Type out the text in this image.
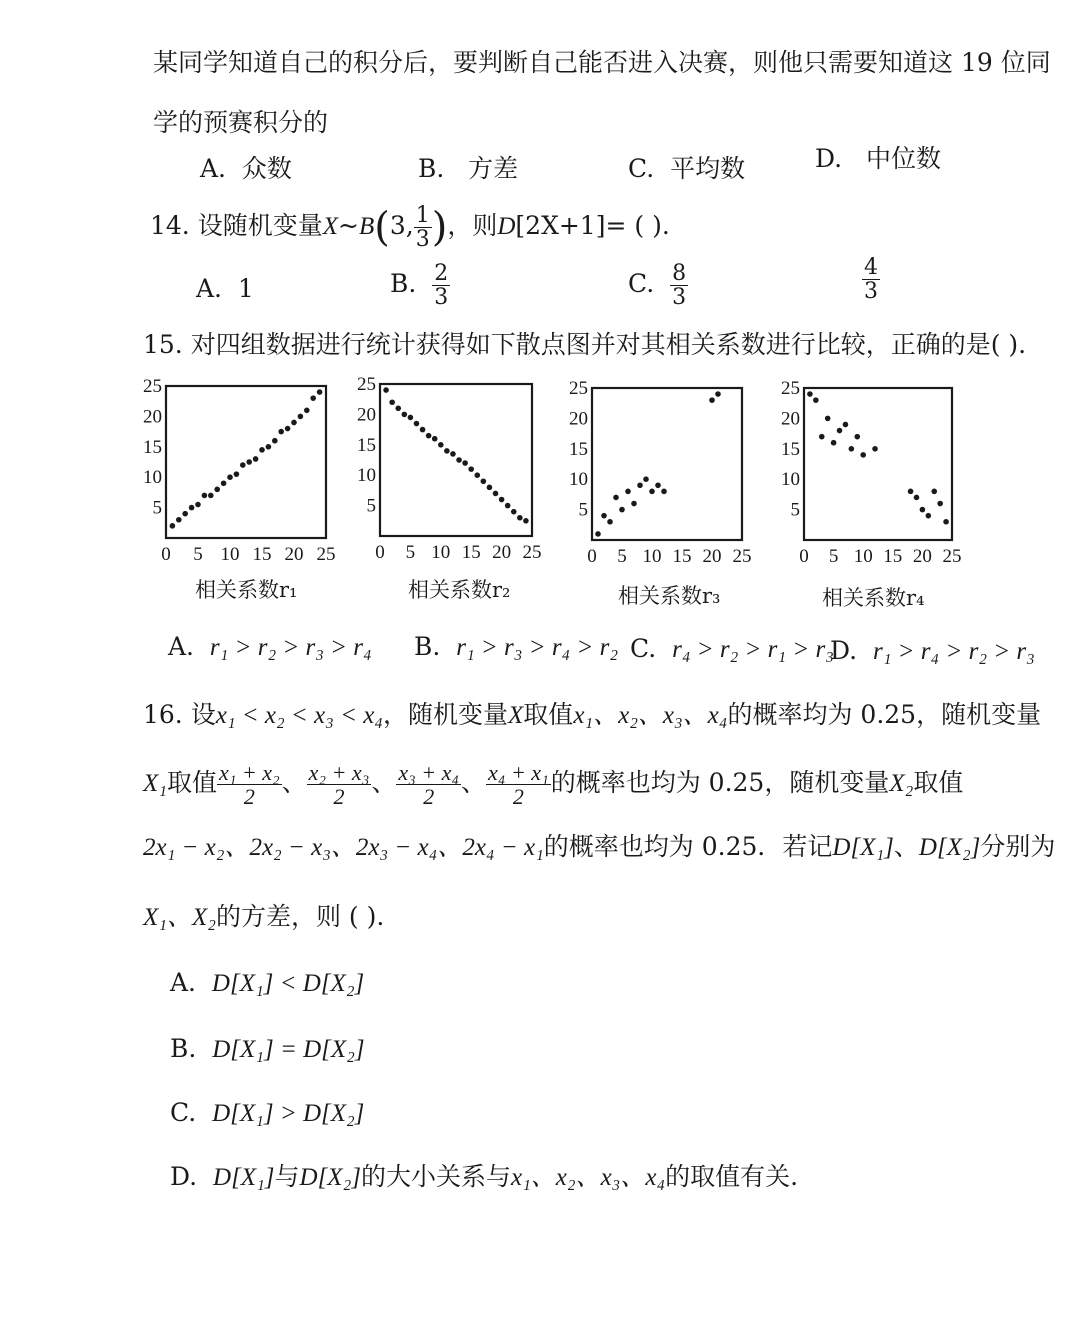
某同学知道自己的积分后，要判断自己能否进入决赛，则他只需要知道这 19 位同
学的预赛积分的
A. 众数	B. 方差	C. 平均数	D. 中位数
14. 设随机变量X~B(3, $\frac{1}{3}$ )，则D[2X+1]= ( ).
A. 1	B. $\frac{2}{3}$	C. $\frac{8}{3}$	$\frac{4}{3}$
15. 对四组数据进行统计获得如下散点图并对其相关系数进行比较，正确的是( ).
0 5 10 15 20 25
5
10
15
20
25
0 5 10 15 20 25
5
10
15
20
25
0 5 10 15 20 25
5
10
15
20
25
0 5 10 15 20 25
5
10
15
20
25
相关系数r₁	相关系数r₂	相关系数r₃	相关系数r₄
A. r₁ > r₂ > r₃ > r₄ B. r₁ > r₃ > r₄ > r₂ C. r₄ > r₂ > r₁ > r₃
D. r₁ > r₄ > r₂ > r₃
16. 设x₁ < x₂ < x₃ < x₄，随机变量X取值x₁、x₂、x₃、x₄的概率均为 0.25，随机变量
X₁取值 $\frac{\text{x₁ + x₂}}{2}$ 、 $\frac{\text{x₂ + x₃}}{2}$ 、 $\frac{\text{x₃ + x₄}}{2}$ 、 $\frac{\text{x₄ + x₁}}{2}$ 的概率也均为 0.25，随机变量X₂取值
2x₁ − x₂、2x₂ − x₃、2x₃ − x₄、2x₄ − x₁的概率也均为 0.25．若记D[X₁]、D[X₂]分别为
X₁、X₂的方差，则 ( ).
A. D[X₁] < D[X₂]
B. D[X₁] = D[X₂]
C. D[X₁] > D[X₂]
D. D[X₁]与D[X₂]的大小关系与x₁、x₂、x₃、x₄的取值有关.
